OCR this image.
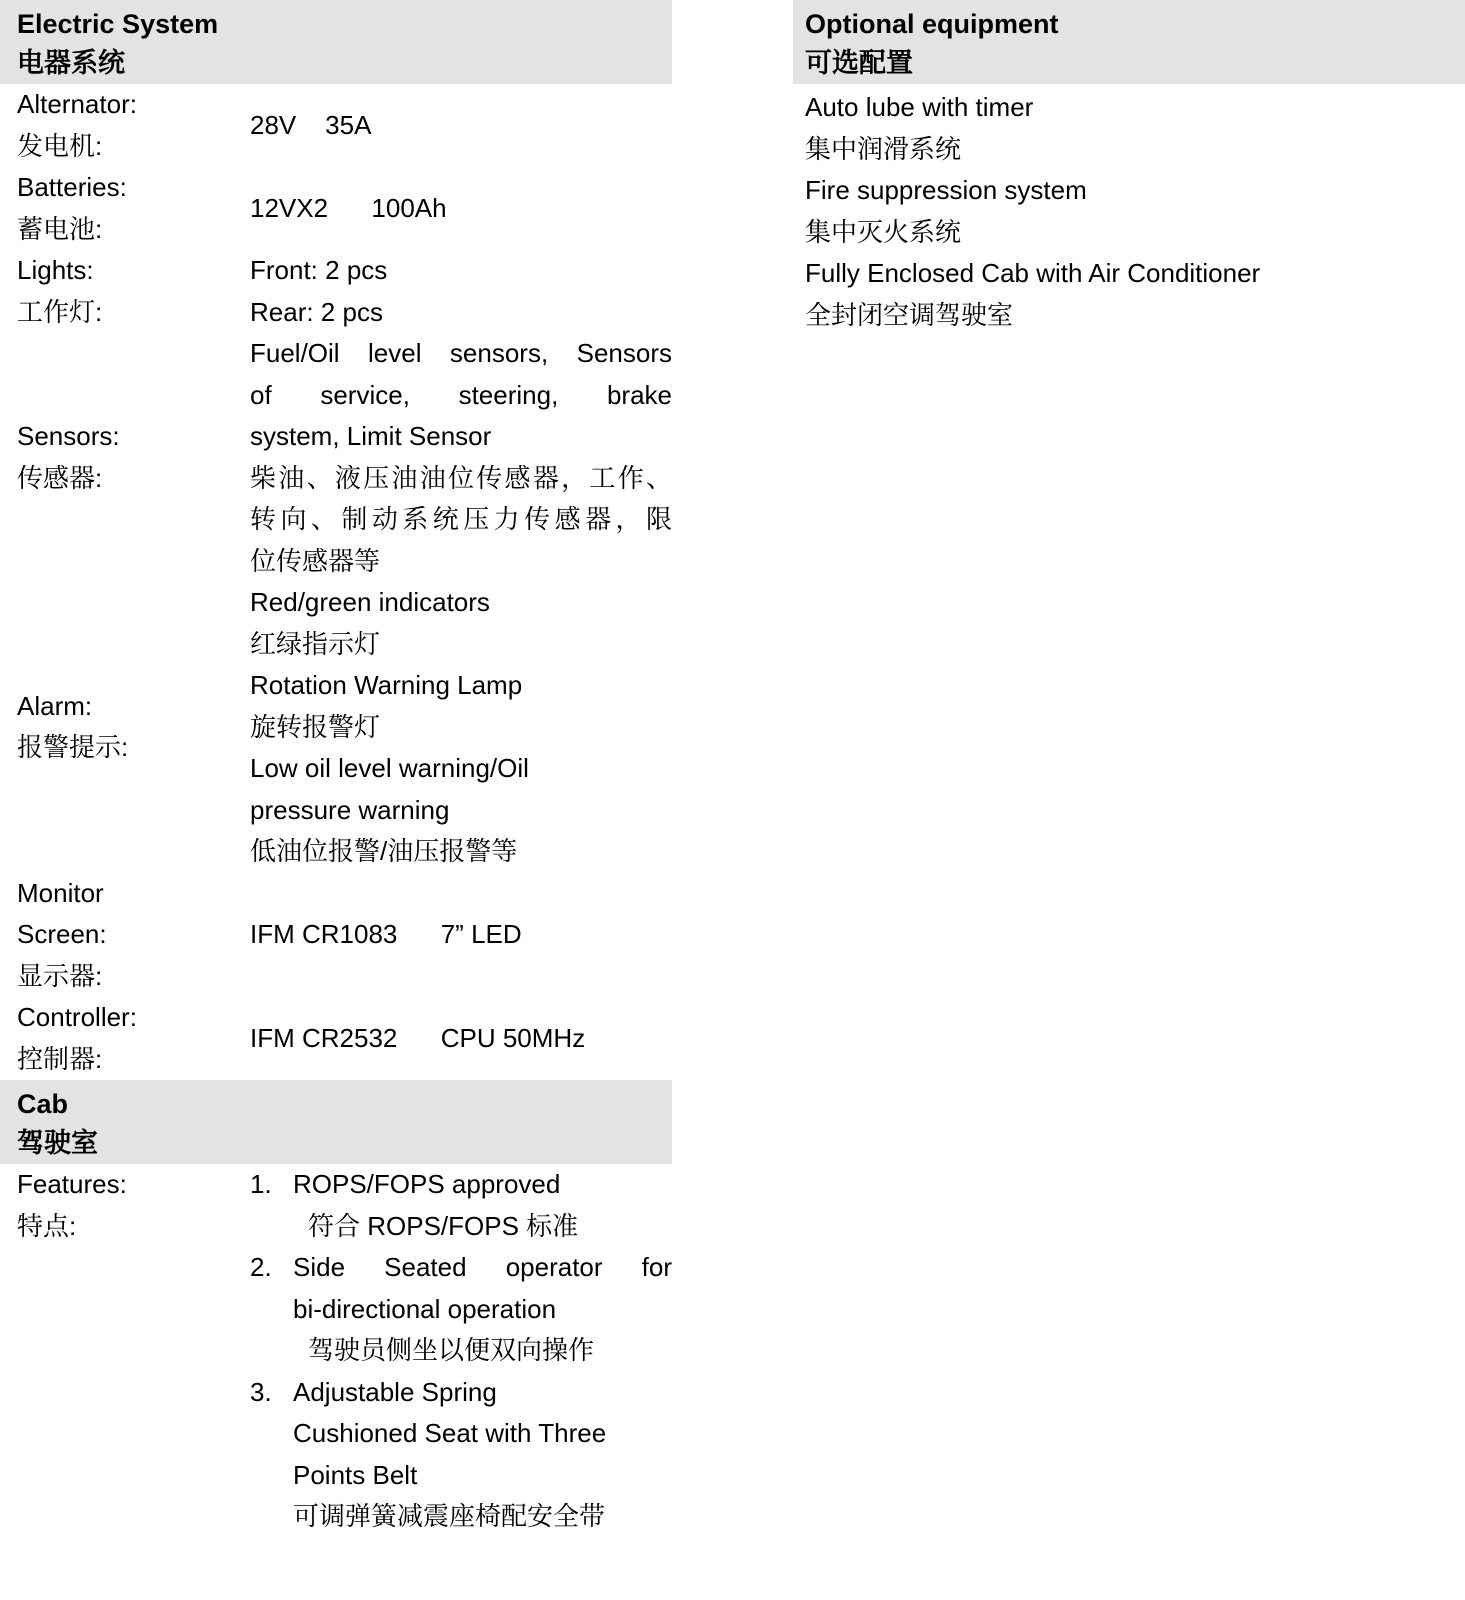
Electric System
电器系统
Alternator:
发电机:
28V    35A
Batteries:
蓄电池:
12VX2      100Ah
Lights:
工作灯:
Front: 2 pcs
Rear: 2 pcs
Sensors:
传感器:
Fuel/Oil level sensors, Sensors
of service, steering, brake
system, Limit Sensor
柴油、液压油油位传感器，工作、
转向、制动系统压力传感器，限
位传感器等
Alarm:
报警提示:
Red/green indicators
红绿指示灯
Rotation Warning Lamp
旋转报警灯
Low oil level warning/Oil
pressure warning
低油位报警/油压报警等
Monitor
Screen:
显示器:
IFM CR1083      7” LED
Controller:
控制器:
IFM CR2532      CPU 50MHz
Cab
驾驶室
Features:
特点:
1. ROPS/FOPS approved
符合 ROPS/FOPS 标准
2. Side Seated operator for
bi-directional operation
驾驶员侧坐以便双向操作
3. Adjustable Spring
Cushioned Seat with Three
Points Belt
可调弹簧减震座椅配安全带
Optional equipment
可选配置
Auto lube with timer
集中润滑系统
Fire suppression system
集中灭火系统
Fully Enclosed Cab with Air Conditioner
全封闭空调驾驶室
